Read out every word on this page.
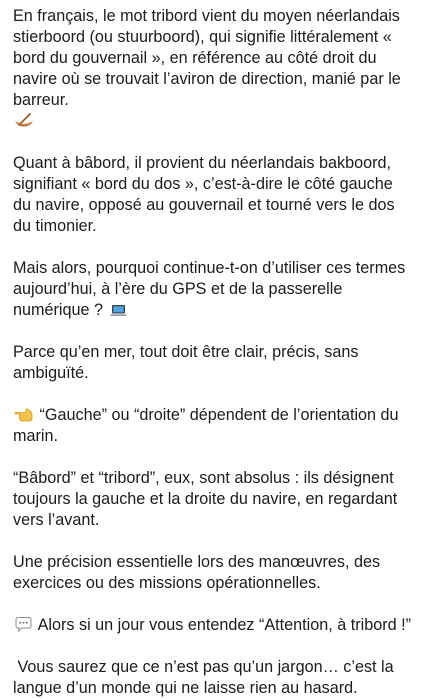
En français, le mot tribord vient du moyen néerlandais stierboord (ou stuurboord), qui signifie littéralement « bord du gouvernail », en référence au côté droit du navire où se trouvait l’aviron de direction, manié par le barreur.

Quant à bâbord, il provient du néerlandais bakboord, signifiant « bord du dos », c’est-à-dire le côté gauche du navire, opposé au gouvernail et tourné vers le dos du timonier.

Mais alors, pourquoi continue-t-on d’utiliser ces termes aujourd’hui, à l’ère du GPS et de la passerelle numérique ?

Parce qu’en mer, tout doit être clair, précis, sans ambiguïté.

“Gauche” ou “droite” dépendent de l’orientation du marin.

“Bâbord” et “tribord”, eux, sont absolus : ils désignent toujours la gauche et la droite du navire, en regardant vers l’avant.

Une précision essentielle lors des manœuvres, des exercices ou des missions opérationnelles.

Alors si un jour vous entendez “Attention, à tribord !”

Vous saurez que ce n’est pas qu’un jargon… c’est la langue d’un monde qui ne laisse rien au hasard.
